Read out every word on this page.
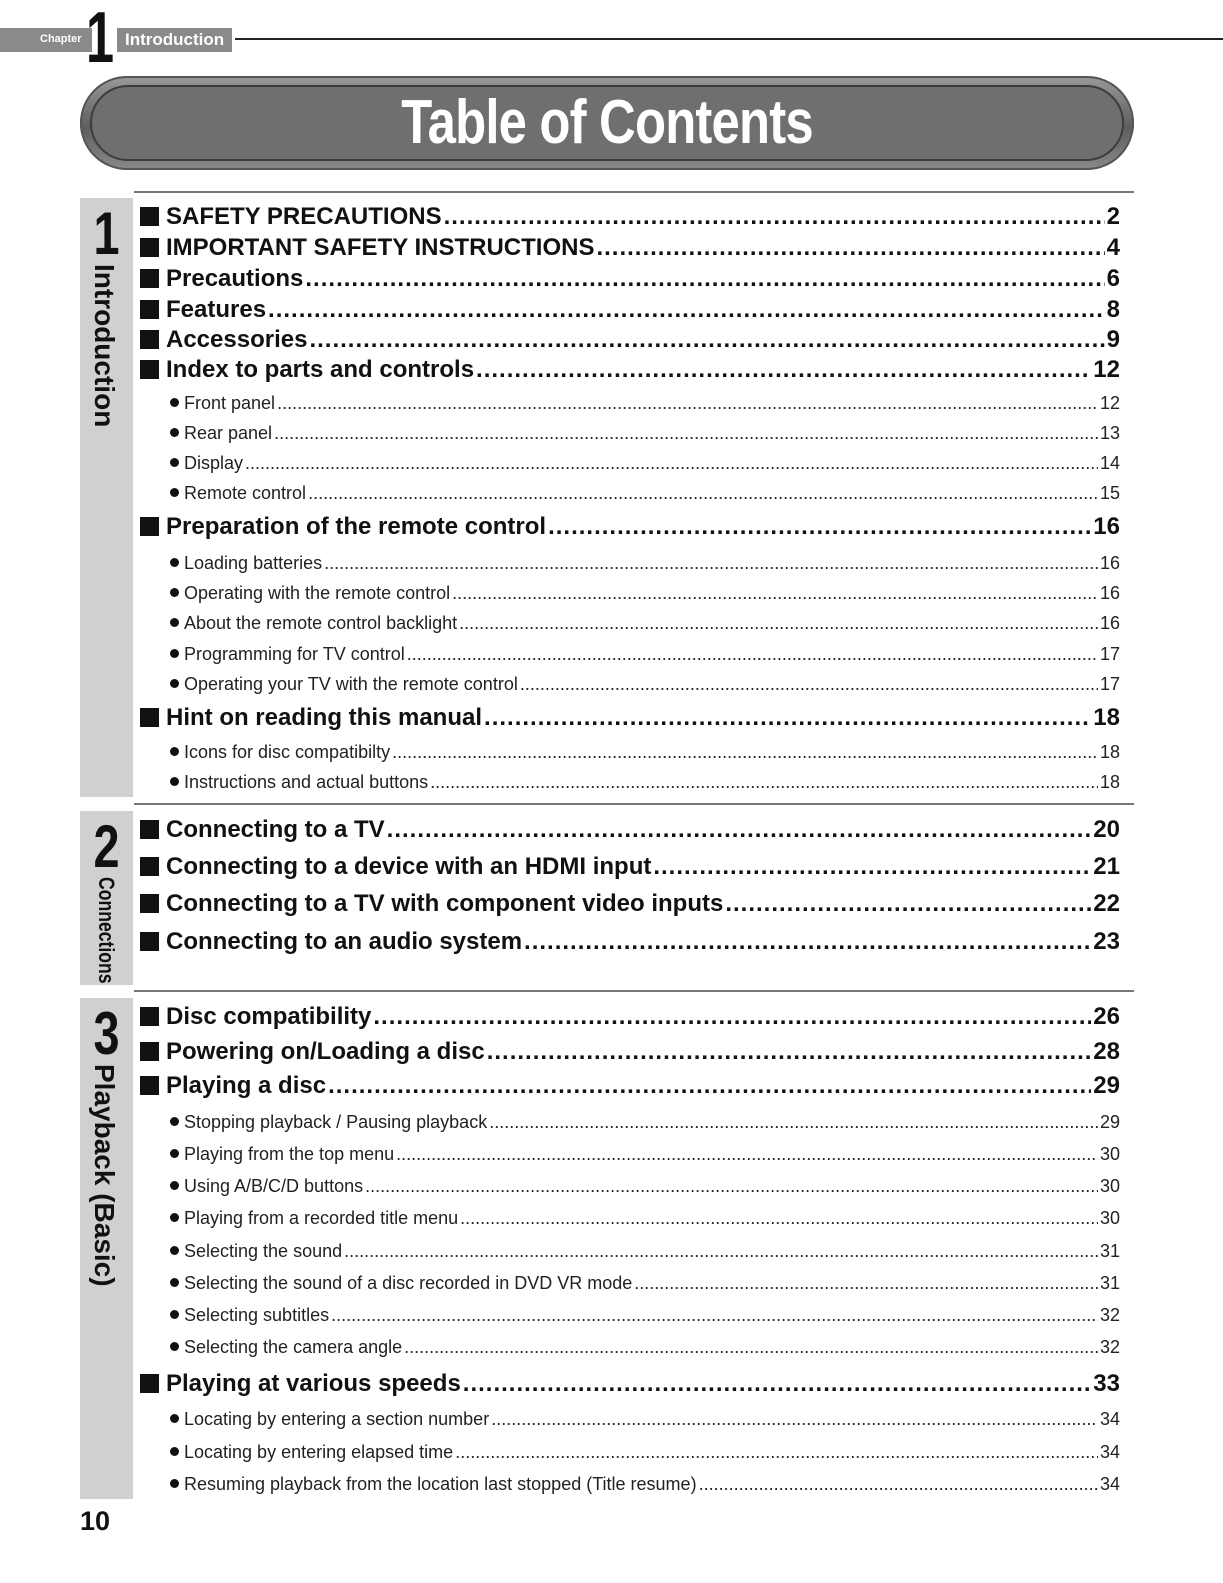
Chapter 1 Introduction
Table of Contents
1
Introduction
2
Connections
3
Playback (Basic)
SAFETY PRECAUTIONS .....	2
IMPORTANT SAFETY INSTRUCTIONS .....	4
Precautions .....	6
Features .....	8
Accessories .....	9
Index to parts and controls .....	12
Front panel .....	12
Rear panel .....	13
Display .....	14
Remote control .....	15
Preparation of the remote control .....	16
Loading batteries .....	16
Operating with the remote control .....	16
About the remote control backlight .....	16
Programming for TV control .....	17
Operating your TV with the remote control .....	17
Hint on reading this manual .....	18
Icons for disc compatibilty .....	18
Instructions and actual buttons .....	18
Connecting to a TV .....	20
Connecting to a device with an HDMI input .....	21
Connecting to a TV with component video inputs .....	22
Connecting to an audio system .....	23
Disc compatibility .....	26
Powering on/Loading a disc .....	28
Playing a disc .....	29
Stopping playback / Pausing playback .....	29
Playing from the top menu .....	30
Using A/B/C/D buttons .....	30
Playing from a recorded title menu .....	30
Selecting the sound .....	31
Selecting the sound of a disc recorded in DVD VR mode .....	31
Selecting subtitles .....	32
Selecting the camera angle .....	32
Playing at various speeds .....	33
Locating by entering a section number .....	34
Locating by entering elapsed time .....	34
Resuming playback from the location last stopped (Title resume) .....	34
10
